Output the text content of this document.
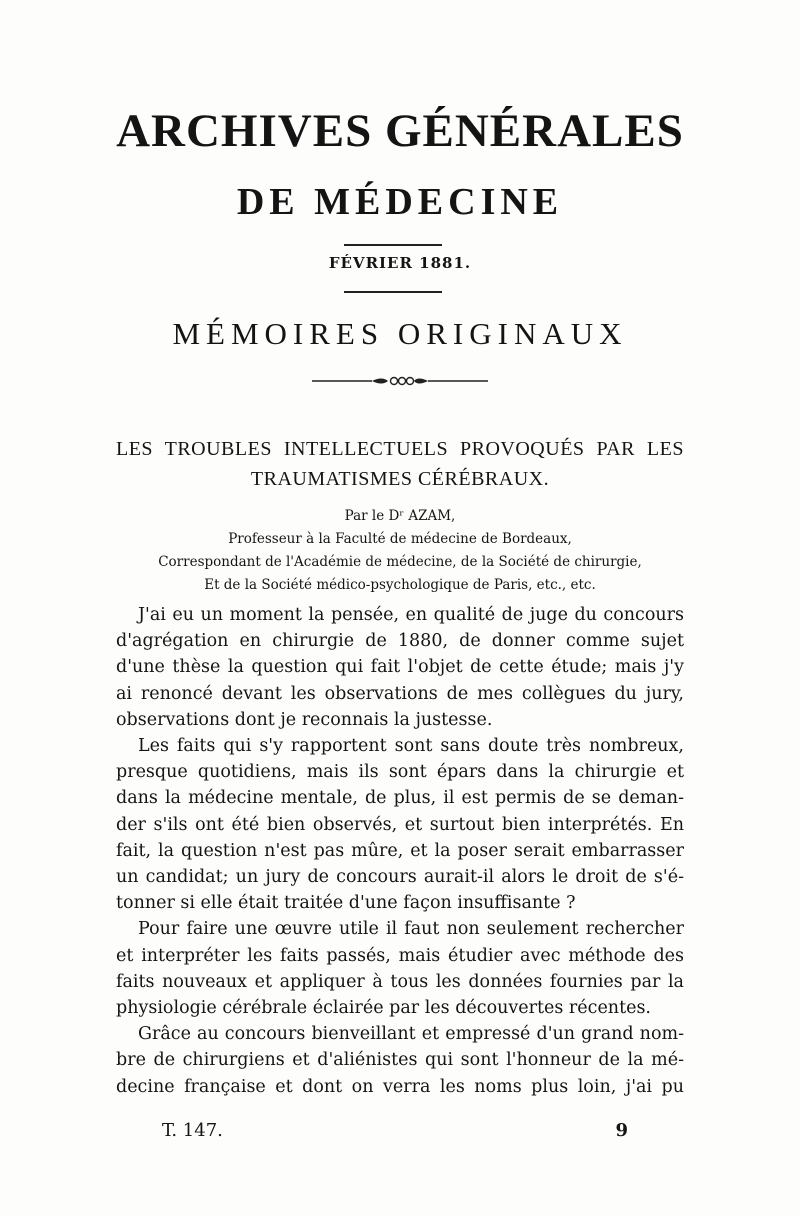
ARCHIVES GÉNÉRALES
DE MÉDECINE
FÉVRIER 1881.
MÉMOIRES ORIGINAUX
LES TROUBLES INTELLECTUELS PROVOQUÉS PAR LES
TRAUMATISMES CÉRÉBRAUX.
Par le Dʳ AZAM,
Professeur à la Faculté de médecine de Bordeaux,
Correspondant de l'Académie de médecine, de la Société de chirurgie,
Et de la Société médico-psychologique de Paris, etc., etc.

J'ai eu un moment la pensée, en qualité de juge du concours
d'agrégation en chirurgie de 1880, de donner comme sujet
d'une thèse la question qui fait l'objet de cette étude; mais j'y
ai renoncé devant les observations de mes collègues du jury,
observations dont je reconnais la justesse.

Les faits qui s'y rapportent sont sans doute très nombreux,
presque quotidiens, mais ils sont épars dans la chirurgie et
dans la médecine mentale, de plus, il est permis de se deman-
der s'ils ont été bien observés, et surtout bien interprétés. En
fait, la question n'est pas mûre, et la poser serait embarrasser
un candidat; un jury de concours aurait-il alors le droit de s'é-
tonner si elle était traitée d'une façon insuffisante ?

Pour faire une œuvre utile il faut non seulement rechercher
et interpréter les faits passés, mais étudier avec méthode des
faits nouveaux et appliquer à tous les données fournies par la
physiologie cérébrale éclairée par les découvertes récentes.

Grâce au concours bienveillant et empressé d'un grand nom-
bre de chirurgiens et d'aliénistes qui sont l'honneur de la mé-
decine française et dont on verra les noms plus loin, j'ai pu

T. 147.	9
